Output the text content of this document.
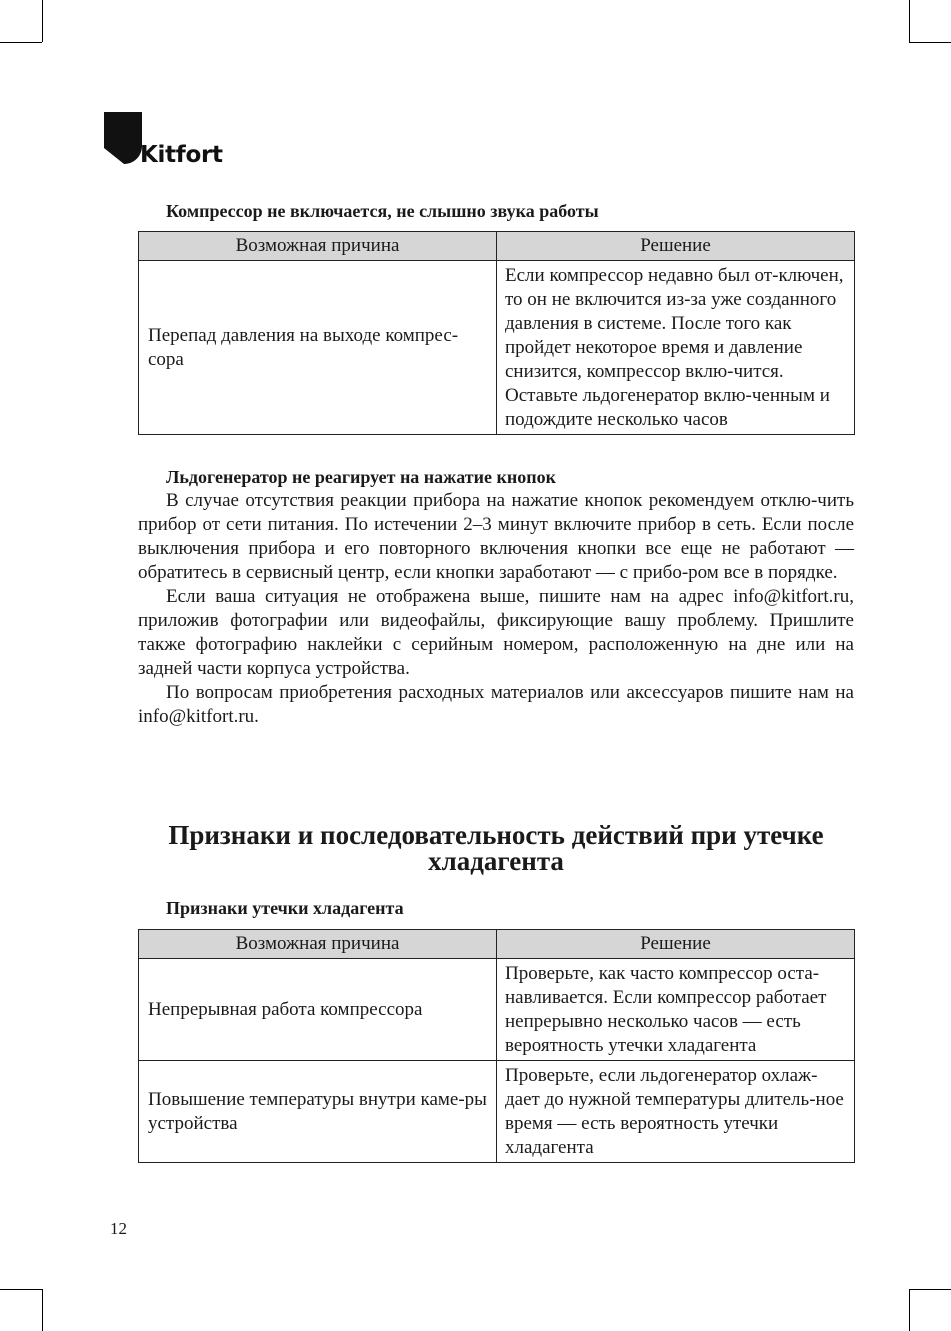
Kitfort
Компрессор не включается, не слышно звука работы
Возможная причина	Решение
Перепад давления на выходе компрес-сора	Если компрессор недавно был от-ключен, то он не включится из-за уже созданного давления в системе. После того как пройдет некоторое время и давление снизится, компрессор вклю-чится. Оставьте льдогенератор вклю-ченным и подождите несколько часов

Льдогенератор не реагирует на нажатие кнопок

В случае отсутствия реакции прибора на нажатие кнопок рекомендуем отклю-чить прибор от сети питания. По истечении 2–3 минут включите прибор в сеть. Если после выключения прибора и его повторного включения кнопки все еще не работают — обратитесь в сервисный центр, если кнопки заработают — с прибо-ром все в порядке.

Если ваша ситуация не отображена выше, пишите нам на адрес info@kitfort.ru, приложив фотографии или видеофайлы, фиксирующие вашу проблему. Пришлите также фотографию наклейки с серийным номером, расположенную на дне или на задней части корпуса устройства.

По вопросам приобретения расходных материалов или аксессуаров пишите нам на info@kitfort.ru.

Признаки и последовательность действий при утечке
хладагента
Признаки утечки хладагента
Возможная причина	Решение
Непрерывная работа компрессора	Проверьте, как часто компрессор оста-навливается. Если компрессор работает непрерывно несколько часов — есть вероятность утечки хладагента
Повышение температуры внутри каме-ры устройства	Проверьте, если льдогенератор охлаж-дает до нужной температуры длитель-ное время — есть вероятность утечки хладагента
12
